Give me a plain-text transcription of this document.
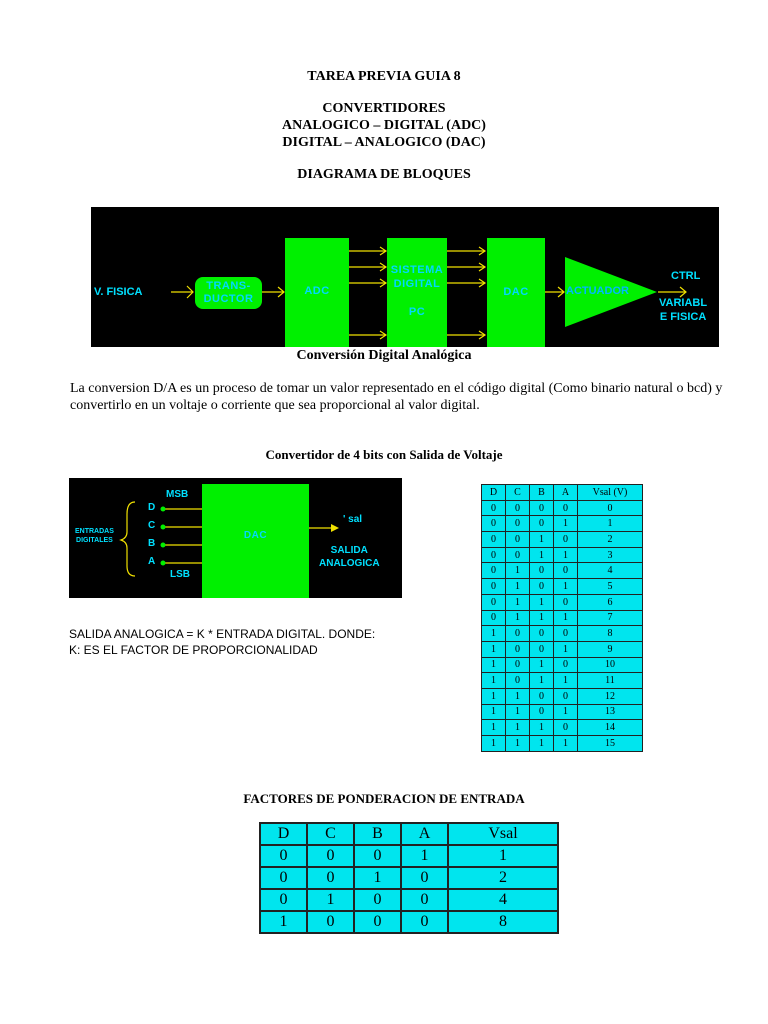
TAREA PREVIA GUIA 8
CONVERTIDORES
ANALOGICO – DIGITAL (ADC)
DIGITAL – ANALOGICO (DAC)
DIAGRAMA DE BLOQUES
V. FISICA	TRANS-
DUCTOR
ADC
SISTEMA
DIGITAL
PC
DAC	ACTUADOR
CTRL
VARIABL
E FISICA
Conversión Digital Analógica
La conversion D/A es un proceso de tomar un valor representado en el código digital (Como binario natural o bcd) y convertirlo en un voltaje o corriente que sea proporcional al valor digital.
Convertidor de 4 bits con Salida de Voltaje
ENTRADAS
DIGITALES
MSB
D
C
B
A
LSB
DAC
' sal
SALIDA
ANALOGICA
SALIDA ANALOGICA = K * ENTRADA DIGITAL. DONDE:
K: ES EL FACTOR DE PROPORCIONALIDAD
D	C	B	A	Vsal (V)
0	0	0	0	0
0	0	0	1	1
0	0	1	0	2
0	0	1	1	3
0	1	0	0	4
0	1	0	1	5
0	1	1	0	6
0	1	1	1	7
1	0	0	0	8
1	0	0	1	9
1	0	1	0	10
1	0	1	1	11
1	1	0	0	12
1	1	0	1	13
1	1	1	0	14
1	1	1	1	15
FACTORES DE PONDERACION DE ENTRADA
D	C	B	A	Vsal
0	0	0	1	1
0	0	1	0	2
0	1	0	0	4
1	0	0	0	8
